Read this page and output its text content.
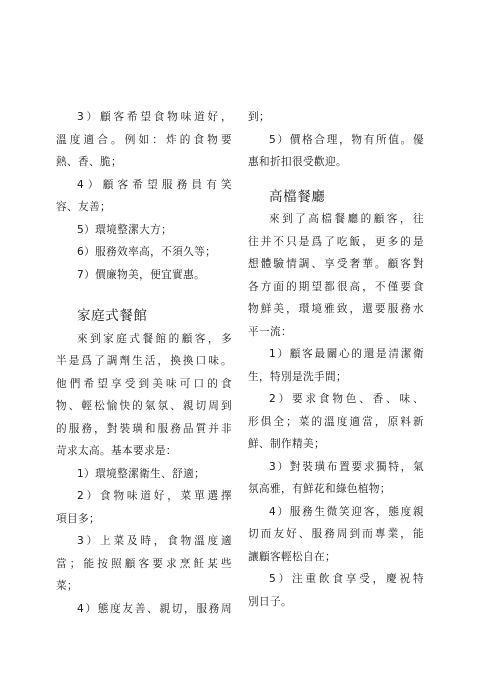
3）顧客希望食物味道好，
溫度適合。例如：炸的食物要
熱、香、脆；
4）顧客希望服務員有笑
容、友善；
5）環境整潔大方；
6）服務效率高，不須久等；
7）價廉物美，便宜實惠。
家庭式餐館
來到家庭式餐館的顧客，多
半是爲了調劑生活，換換口味。
他們希望享受到美味可口的食
物、輕松愉快的氣氛、親切周到
的服務，對裝璜和服務品質并非
苛求太高。基本要求是：
1）環境整潔衛生、舒適；
2）食物味道好，菜單選擇
項目多；
3）上菜及時，食物溫度適
當；能按照顧客要求烹飪某些
菜；
4）態度友善、親切，服務周
到；
5）價格合理，物有所值。優
惠和折扣很受歡迎。
高檔餐廳
來到了高檔餐廳的顧客，往
往并不只是爲了吃飯，更多的是
想體驗情調、享受奢華。顧客對
各方面的期望都很高，不僅要食
物鮮美，環境雅致，還要服務水
平一流：
1）顧客最關心的還是清潔衛
生，特別是洗手間；
2）要求食物色、香、味、
形俱全；菜的溫度適當，原料新
鮮、制作精美；
3）對裝璜布置要求獨特，氣
氛高雅，有鮮花和綠色植物；
4）服務生微笑迎客，態度親
切而友好、服務周到而專業，能
讓顧客輕松自在；
5）注重飲食享受，慶祝特
別日子。
